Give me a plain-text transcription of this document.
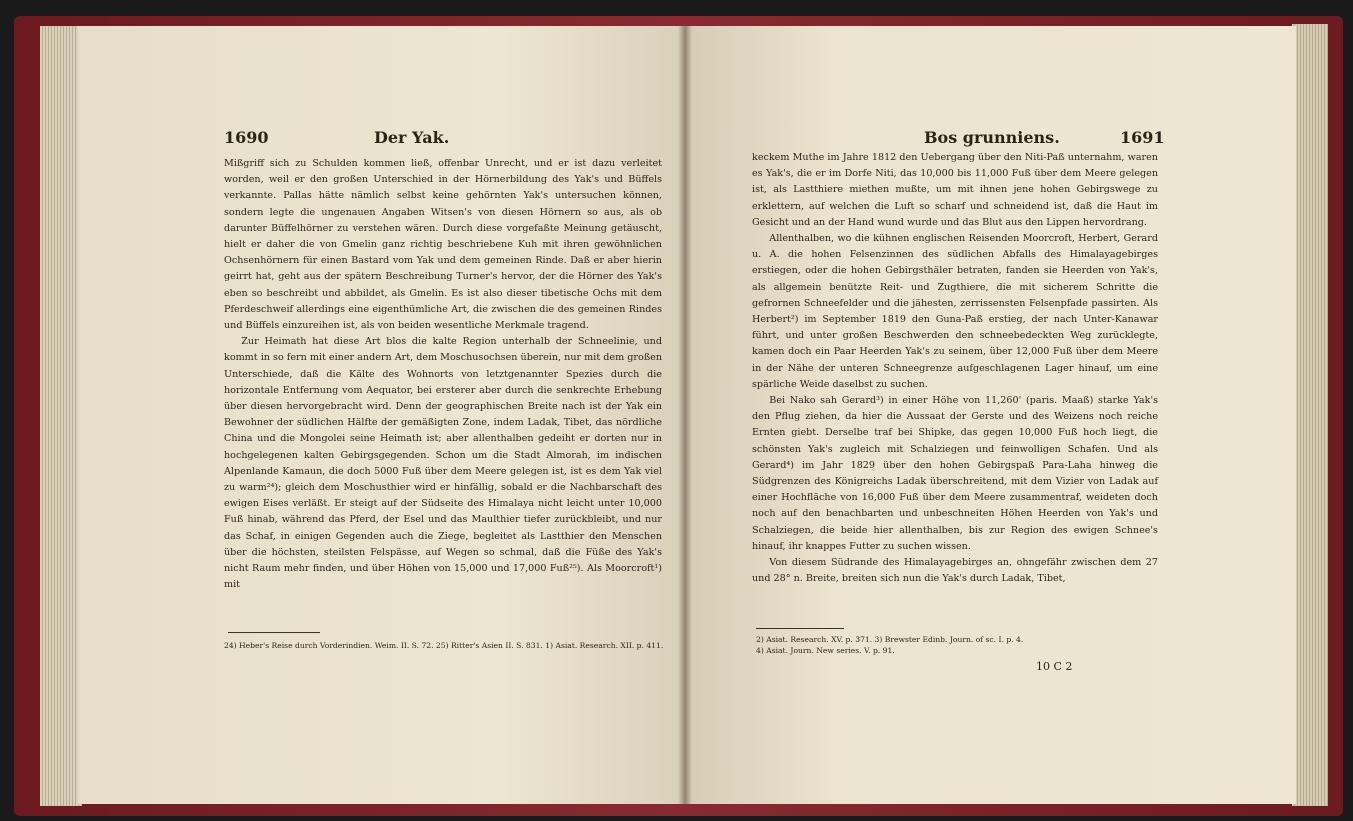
1690	Der Yak.

Mißgriff sich zu Schulden kommen ließ, offenbar Unrecht, und er ist dazu verleitet worden, weil er den großen Unterschied in der Hörnerbildung des Yak's und Büffels verkannte. Pallas hätte nämlich selbst keine gehörnten Yak's untersuchen können, sondern legte die ungenauen Angaben Witsen's von diesen Hörnern so aus, als ob darunter Büffelhörner zu verstehen wären. Durch diese vorgefaßte Meinung getäuscht, hielt er daher die von Gmelin ganz richtig beschriebene Kuh mit ihren gewöhnlichen Ochsenhörnern für einen Bastard vom Yak und dem gemeinen Rinde. Daß er aber hierin geirrt hat, geht aus der spätern Beschreibung Turner's hervor, der die Hörner des Yak's eben so beschreibt und abbildet, als Gmelin. Es ist also dieser tibetische Ochs mit dem Pferdeschweif allerdings eine eigenthümliche Art, die zwischen die des gemeinen Rindes und Büffels einzureihen ist, als von beiden wesentliche Merkmale tragend.

Zur Heimath hat diese Art blos die kalte Region unterhalb der Schneelinie, und kommt in so fern mit einer andern Art, dem Moschusochsen überein, nur mit dem großen Unterschiede, daß die Kälte des Wohnorts von letztgenannter Spezies durch die horizontale Entfernung vom Aequator, bei ersterer aber durch die senkrechte Erhebung über diesen hervorgebracht wird. Denn der geographischen Breite nach ist der Yak ein Bewohner der südlichen Hälfte der gemäßigten Zone, indem Ladak, Tibet, das nördliche China und die Mongolei seine Heimath ist; aber allenthalben gedeiht er dorten nur in hochgelegenen kalten Gebirgsgegenden. Schon um die Stadt Almorah, im indischen Alpenlande Kamaun, die doch 5000 Fuß über dem Meere gelegen ist, ist es dem Yak viel zu warm²⁴); gleich dem Moschusthier wird er hinfällig, sobald er die Nachbarschaft des ewigen Eises verläßt. Er steigt auf der Südseite des Himalaya nicht leicht unter 10,000 Fuß hinab, während das Pferd, der Esel und das Maulthier tiefer zurückbleibt, und nur das Schaf, in einigen Gegenden auch die Ziege, begleitet als Lastthier den Menschen über die höchsten, steilsten Felspässe, auf Wegen so schmal, daß die Füße des Yak's nicht Raum mehr finden, und über Höhen von 15,000 und 17,000 Fuß²⁵). Als Moorcroft¹) mit

24) Heber's Reise durch Vorderindien. Weim. II. S. 72. 25) Ritter's Asien II. S. 831. 1) Asiat. Research. XII. p. 411.
Bos grunniens.	1691

keckem Muthe im Jahre 1812 den Uebergang über den Niti-Paß unternahm, waren es Yak's, die er im Dorfe Niti, das 10,000 bis 11,000 Fuß über dem Meere gelegen ist, als Lastthiere miethen mußte, um mit ihnen jene hohen Gebirgswege zu erklettern, auf welchen die Luft so scharf und schneidend ist, daß die Haut im Gesicht und an der Hand wund wurde und das Blut aus den Lippen hervordrang.

Allenthalben, wo die kühnen englischen Reisenden Moorcroft, Herbert, Gerard u. A. die hohen Felsenzinnen des südlichen Abfalls des Himalayagebirges erstiegen, oder die hohen Gebirgsthäler betraten, fanden sie Heerden von Yak's, als allgemein benützte Reit- und Zugthiere, die mit sicherem Schritte die gefrornen Schneefelder und die jähesten, zerrissensten Felsenpfade passirten. Als Herbert²) im September 1819 den Guna-Paß erstieg, der nach Unter-Kanawar führt, und unter großen Beschwerden den schneebedeckten Weg zurücklegte, kamen doch ein Paar Heerden Yak's zu seinem, über 12,000 Fuß über dem Meere in der Nähe der unteren Schneegrenze aufgeschlagenen Lager hinauf, um eine spärliche Weide daselbst zu suchen.

Bei Nako sah Gerard³) in einer Höhe von 11,260' (paris. Maaß) starke Yak's den Pflug ziehen, da hier die Aussaat der Gerste und des Weizens noch reiche Ernten giebt. Derselbe traf bei Shipke, das gegen 10,000 Fuß hoch liegt, die schönsten Yak's zugleich mit Schalziegen und feinwolligen Schafen. Und als Gerard⁴) im Jahr 1829 über den hohen Gebirgspaß Para-Laha hinweg die Südgrenzen des Königreichs Ladak überschreitend, mit dem Vizier von Ladak auf einer Hochfläche von 16,000 Fuß über dem Meere zusammentraf, weideten doch noch auf den benachbarten und unbeschneiten Höhen Heerden von Yak's und Schalziegen, die beide hier allenthalben, bis zur Region des ewigen Schnee's hinauf, ihr knappes Futter zu suchen wissen.

Von diesem Südrande des Himalayagebirges an, ohngefähr zwischen dem 27 und 28° n. Breite, breiten sich nun die Yak's durch Ladak, Tibet,

2) Asiat. Research. XV. p. 371. 3) Brewster Edinb. Journ. of sc. I. p. 4.
4) Asiat. Journ. New series. V. p. 91.
10 C 2
